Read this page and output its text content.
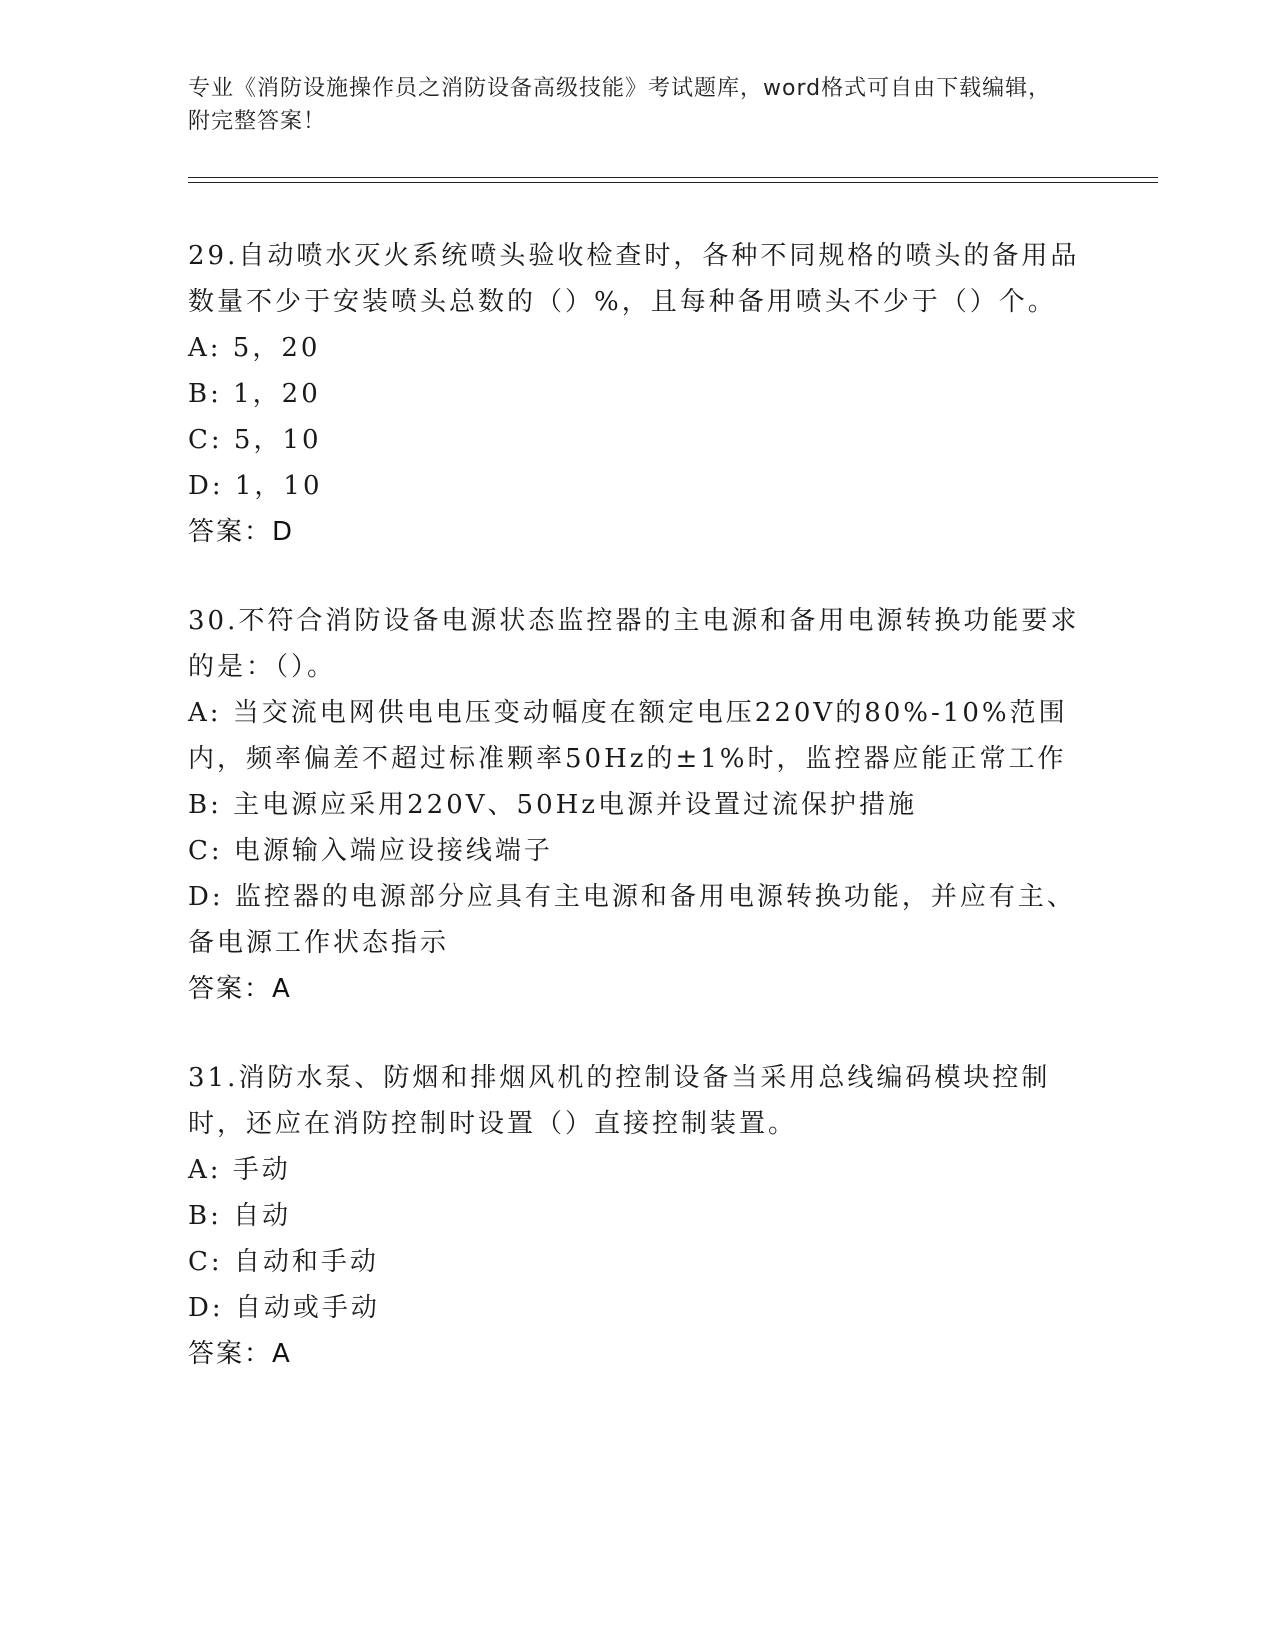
专业《消防设施操作员之消防设备高级技能》考试题库，word格式可自由下载编辑，附完整答案！

29.自动喷水灭火系统喷头验收检查时，各种不同规格的喷头的备用品数量不少于安装喷头总数的（）%，且每种备用喷头不少于（）个。

A: 5，20

B: 1，20

C: 5，10

D: 1，10

答案：D

30.不符合消防设备电源状态监控器的主电源和备用电源转换功能要求的是：（）。

A: 当交流电网供电电压变动幅度在额定电压220V的80%-10%范围内，频率偏差不超过标准颗率50Hz的±1%时，监控器应能正常工作

B: 主电源应采用220V、50Hz电源并设置过流保护措施

C: 电源输入端应设接线端子

D: 监控器的电源部分应具有主电源和备用电源转换功能，并应有主、备电源工作状态指示

答案：A

31.消防水泵、防烟和排烟风机的控制设备当采用总线编码模块控制时，还应在消防控制时设置（）直接控制装置。

A: 手动

B: 自动

C: 自动和手动

D: 自动或手动

答案：A
